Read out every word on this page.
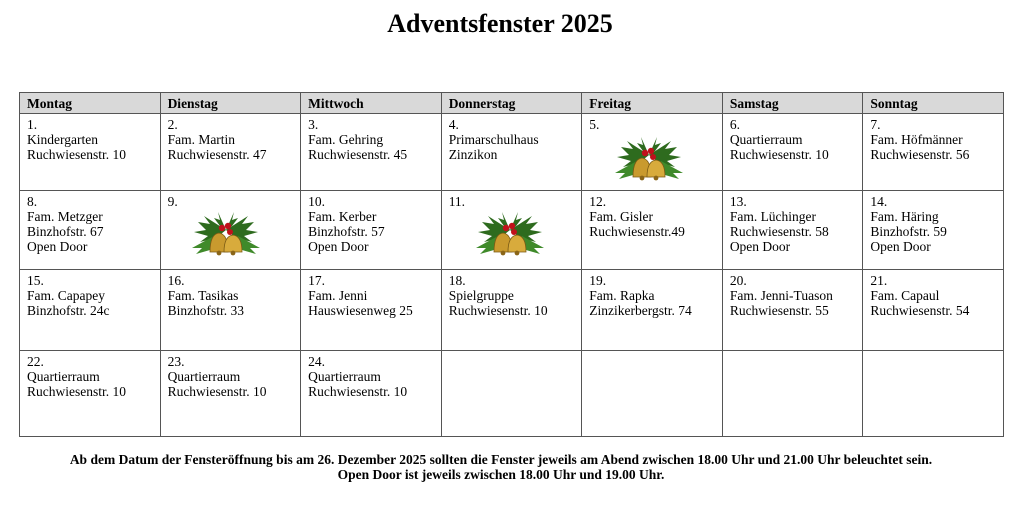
Adventsfenster 2025
Montag	Dienstag	Mittwoch	Donnerstag	Freitag	Samstag	Sonntag

1.
Kindergarten
Ruchwiesenstr. 10	2.
Fam. Martin
Ruchwiesenstr. 47	3.
Fam. Gehring
Ruchwiesenstr. 45	4.
Primarschulhaus
Zinzikon	5.	6.
Quartierraum
Ruchwiesenstr. 10	7.
Fam. Höfmänner
Ruchwiesenstr. 56

8.
Fam. Metzger
Binzhofstr. 67
Open Door	9.	10.
Fam. Kerber
Binzhofstr. 57
Open Door	11.	12.
Fam. Gisler
Ruchwiesenstr.49	13.
Fam. Lüchinger
Ruchwiesenstr. 58
Open Door	14.
Fam. Häring
Binzhofstr. 59
Open Door

15.
Fam. Capapey
Binzhofstr. 24c	16.
Fam. Tasikas
Binzhofstr. 33	17.
Fam. Jenni
Hauswiesenweg 25	18.
Spielgruppe
Ruchwiesenstr. 10	19.
Fam. Rapka
Zinzikerbergstr. 74	20.
Fam. Jenni-Tuason
Ruchwiesenstr. 55	21.
Fam. Capaul
Ruchwiesenstr. 54

22.
Quartierraum
Ruchwiesenstr. 10	23.
Quartierraum
Ruchwiesenstr. 10	24.
Quartierraum
Ruchwiesenstr. 10				

Ab dem Datum der Fensteröffnung bis am 26. Dezember 2025 sollten die Fenster jeweils am Abend zwischen 18.00 Uhr und 21.00 Uhr beleuchtet sein.
Open Door ist jeweils zwischen 18.00 Uhr und 19.00 Uhr.
